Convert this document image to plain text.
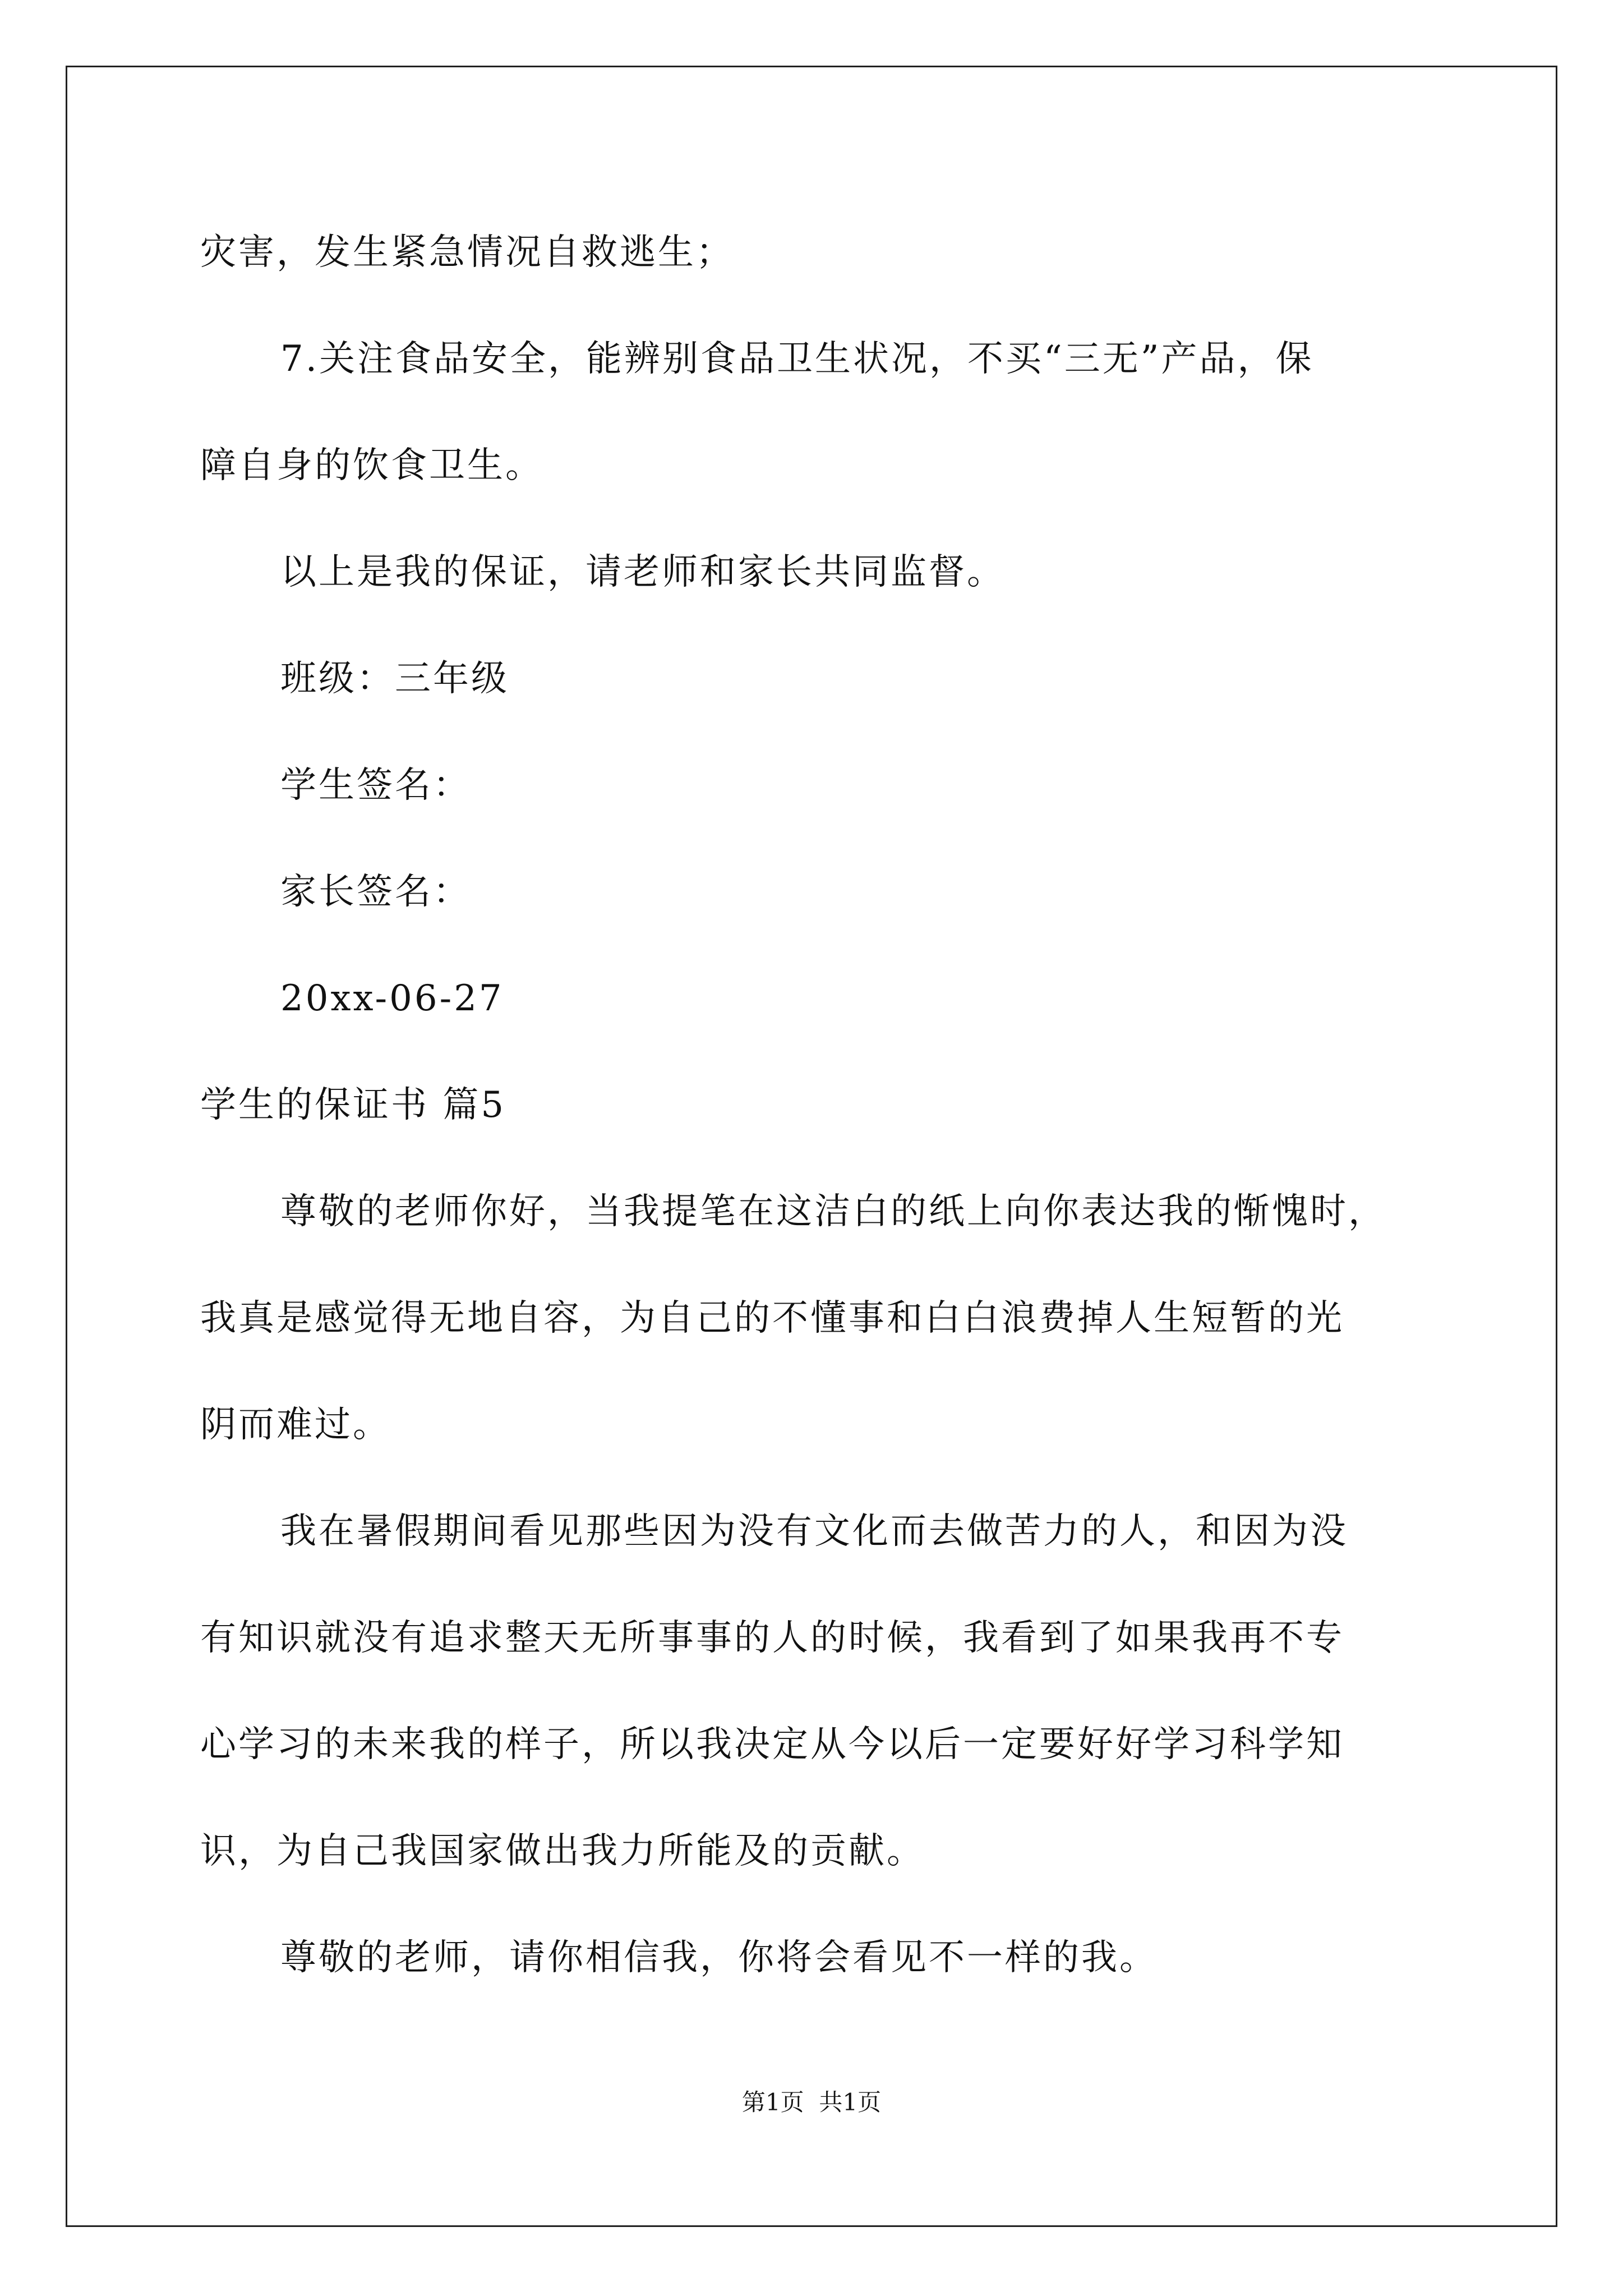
灾害，发生紧急情况自救逃生；
7.关注食品安全，能辨别食品卫生状况，不买“三无”产品，保
障自身的饮食卫生。
以上是我的保证，请老师和家长共同监督。
班级：三年级
学生签名：
家长签名：
20xx-06-27
学生的保证书 篇5
尊敬的老师你好，当我提笔在这洁白的纸上向你表达我的惭愧时，
我真是感觉得无地自容，为自己的不懂事和白白浪费掉人生短暂的光
阴而难过。
我在暑假期间看见那些因为没有文化而去做苦力的人，和因为没
有知识就没有追求整天无所事事的人的时候，我看到了如果我再不专
心学习的未来我的样子，所以我决定从今以后一定要好好学习科学知
识，为自己我国家做出我力所能及的贡献。
尊敬的老师，请你相信我，你将会看见不一样的我。
第1页  共1页
